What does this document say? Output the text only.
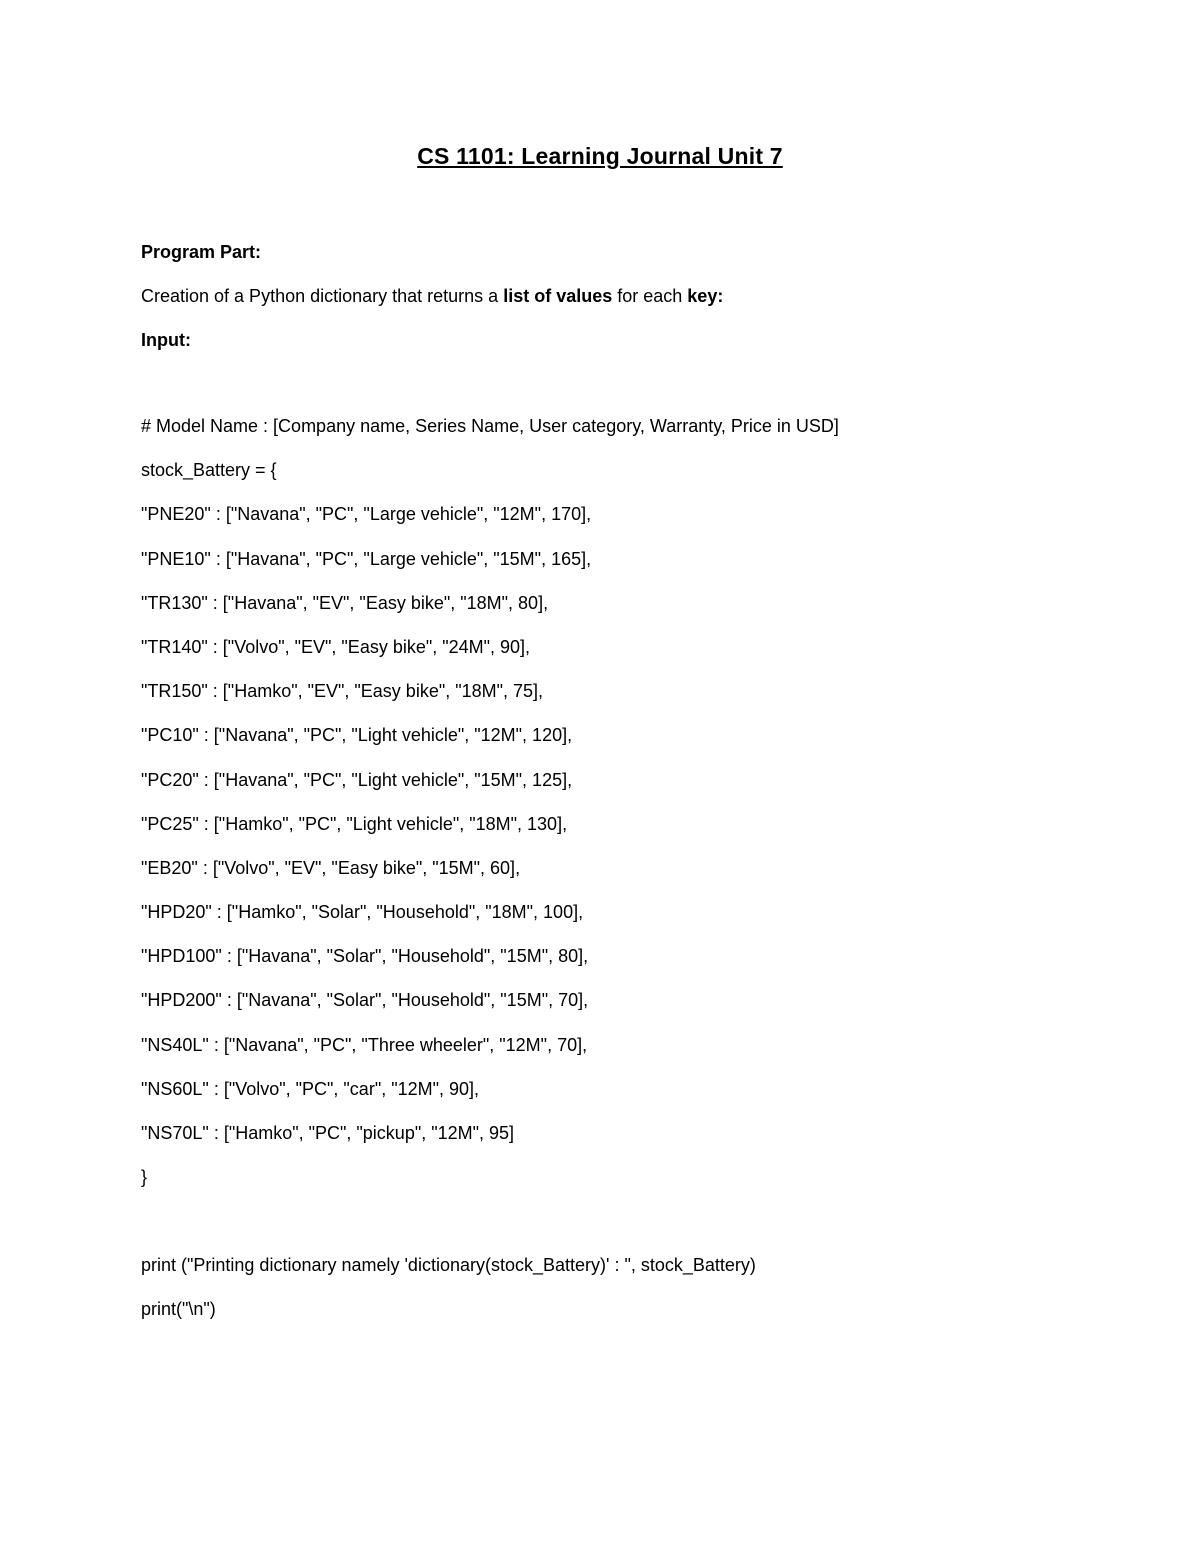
CS 1101: Learning Journal Unit 7
Program Part:
Creation of a Python dictionary that returns a list of values for each key:
Input:
# Model Name : [Company name, Series Name, User category, Warranty, Price in USD]
stock_Battery = {
"PNE20" : ["Navana", "PC", "Large vehicle", "12M", 170],
"PNE10" : ["Havana", "PC", "Large vehicle", "15M", 165],
"TR130" : ["Havana", "EV", "Easy bike", "18M", 80],
"TR140" : ["Volvo", "EV", "Easy bike", "24M", 90],
"TR150" : ["Hamko", "EV", "Easy bike", "18M", 75],
"PC10" : ["Navana", "PC", "Light vehicle", "12M", 120],
"PC20" : ["Havana", "PC", "Light vehicle", "15M", 125],
"PC25" : ["Hamko", "PC", "Light vehicle", "18M", 130],
"EB20" : ["Volvo", "EV", "Easy bike", "15M", 60],
"HPD20" : ["Hamko", "Solar", "Household", "18M", 100],
"HPD100" : ["Havana", "Solar", "Household", "15M", 80],
"HPD200" : ["Navana", "Solar", "Household", "15M", 70],
"NS40L" : ["Navana", "PC", "Three wheeler", "12M", 70],
"NS60L" : ["Volvo", "PC", "car", "12M", 90],
"NS70L" : ["Hamko", "PC", "pickup", "12M", 95]
}
print ("Printing dictionary namely 'dictionary(stock_Battery)' : ", stock_Battery)
print("\n")
